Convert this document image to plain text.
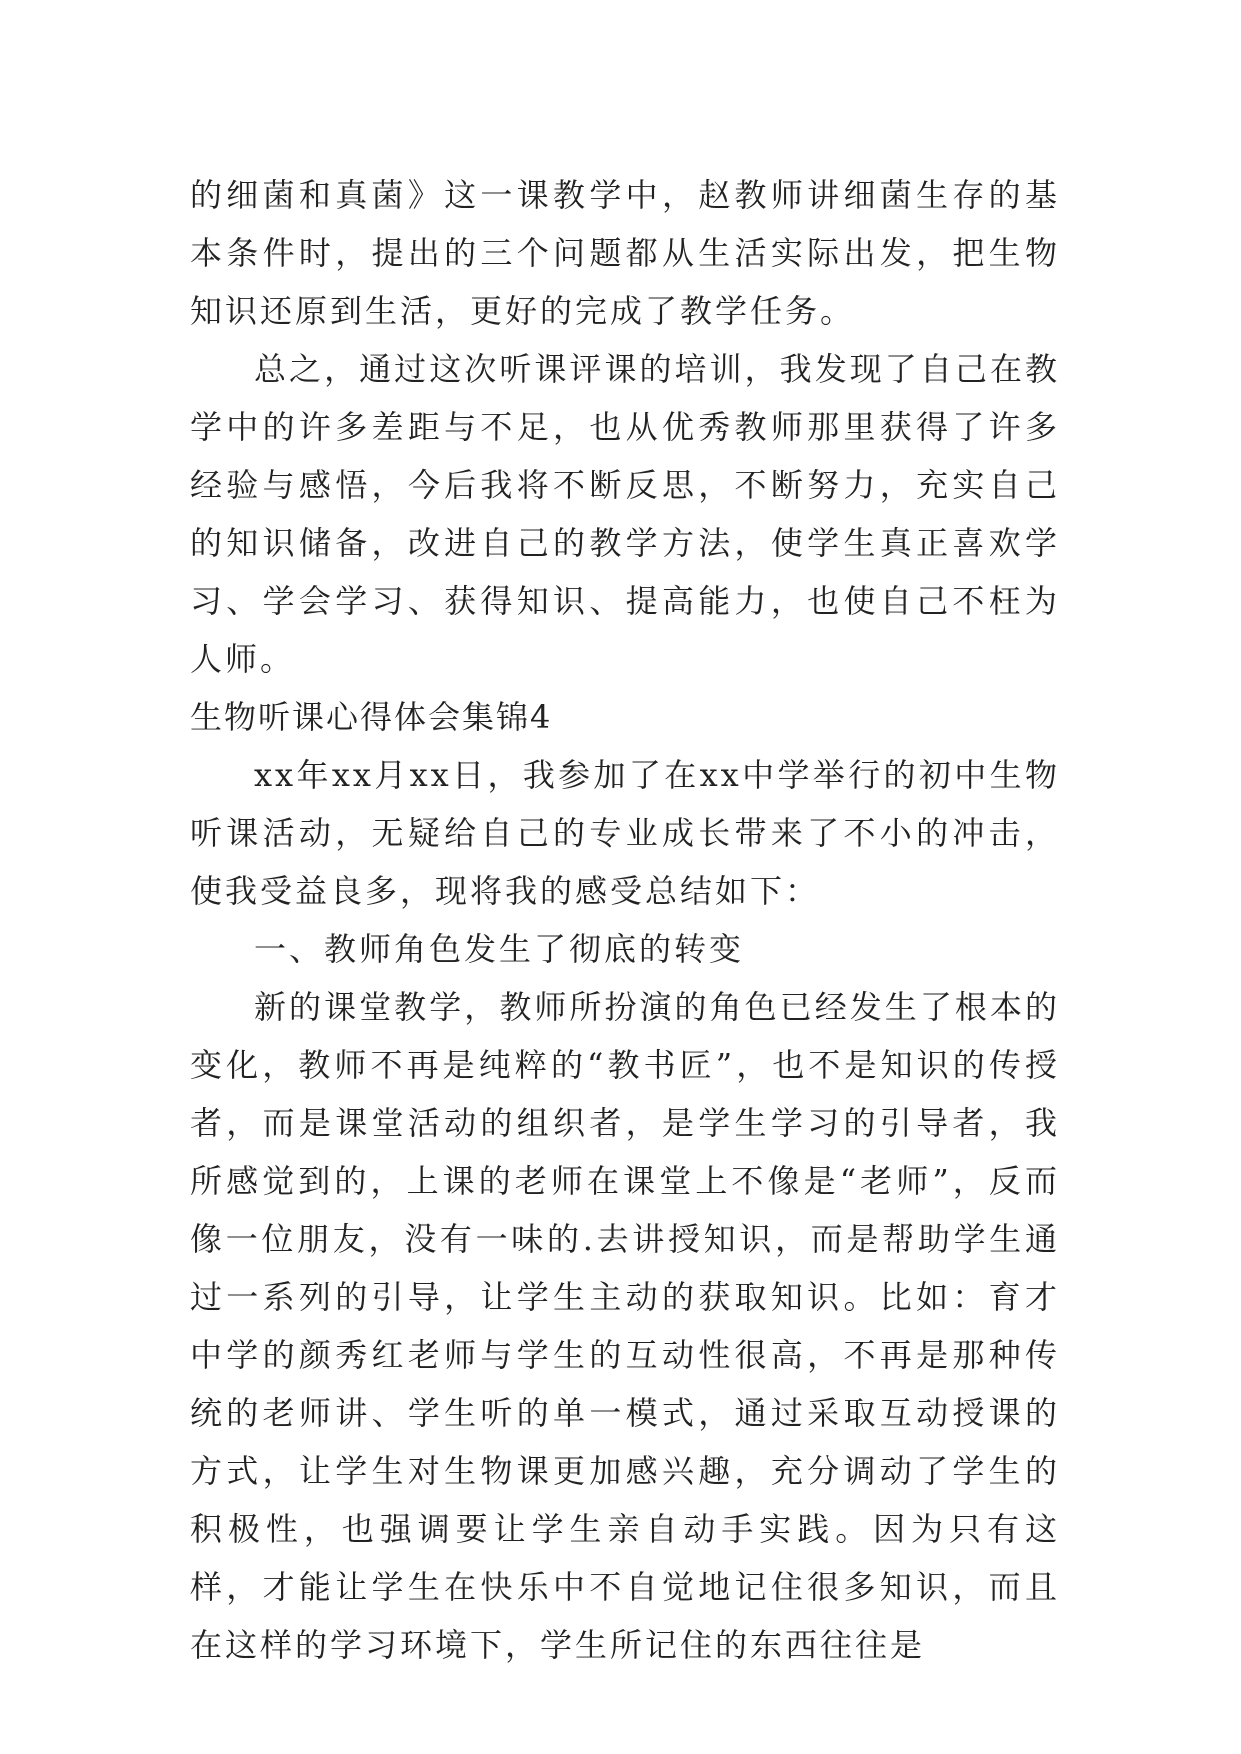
的细菌和真菌》这一课教学中，赵教师讲细菌生存的基本条件时，提出的三个问题都从生活实际出发，把生物知识还原到生活，更好的完成了教学任务。

总之，通过这次听课评课的培训，我发现了自己在教学中的许多差距与不足，也从优秀教师那里获得了许多经验与感悟，今后我将不断反思，不断努力，充实自己的知识储备，改进自己的教学方法，使学生真正喜欢学习、学会学习、获得知识、提高能力，也使自己不枉为人师。

生物听课心得体会集锦4

xx年xx月xx日，我参加了在xx中学举行的初中生物听课活动，无疑给自己的专业成长带来了不小的冲击，使我受益良多，现将我的感受总结如下：

一、教师角色发生了彻底的转变

新的课堂教学，教师所扮演的角色已经发生了根本的变化，教师不再是纯粹的“教书匠”，也不是知识的传授者，而是课堂活动的组织者，是学生学习的引导者，我所感觉到的，上课的老师在课堂上不像是“老师”，反而像一位朋友，没有一味的.去讲授知识，而是帮助学生通过一系列的引导，让学生主动的获取知识。比如：育才中学的颜秀红老师与学生的互动性很高，不再是那种传统的老师讲、学生听的单一模式，通过采取互动授课的方式，让学生对生物课更加感兴趣，充分调动了学生的积极性，也强调要让学生亲自动手实践。因为只有这样，才能让学生在快乐中不自觉地记住很多知识，而且在这样的学习环境下，学生所记住的东西往往是
